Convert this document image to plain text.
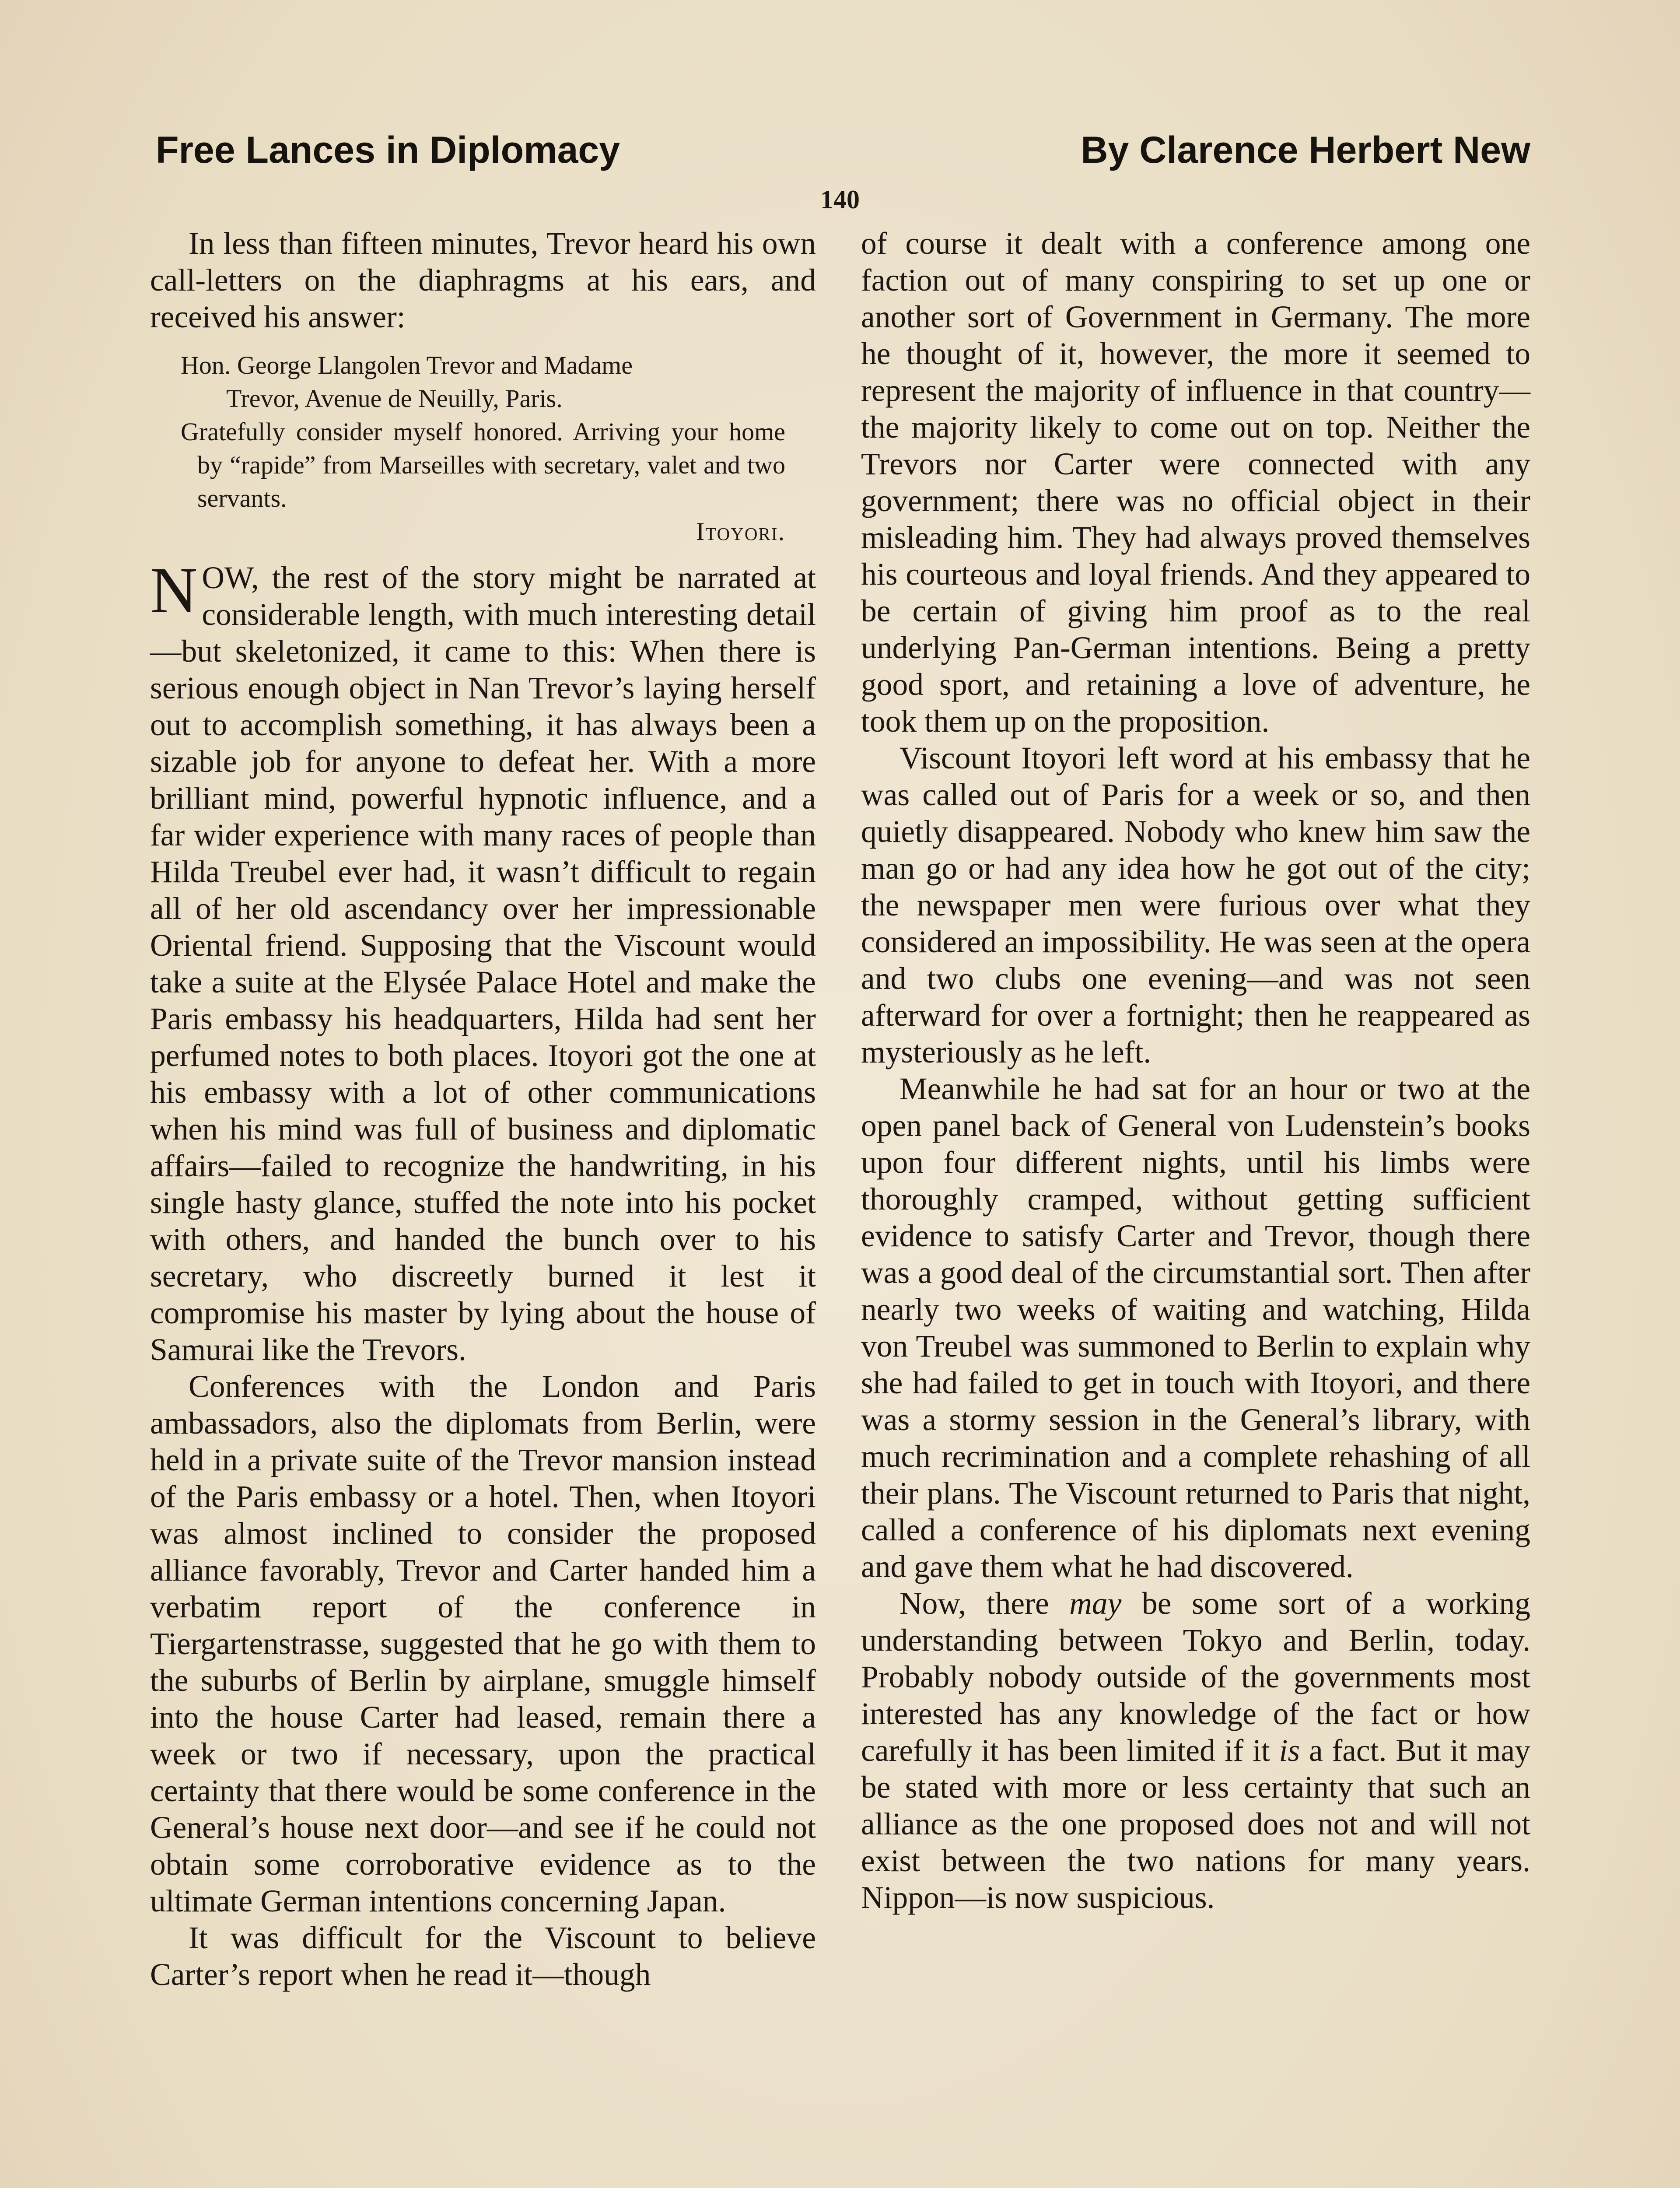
Free Lances in Diplomacy	By Clarence Herbert New
140

In less than fifteen minutes, Trevor heard his own call-letters on the diaphragms at his ears, and received his answer:

Hon. George Llangolen Trevor and Madame
Trevor, Avenue de Neuilly, Paris.
Gratefully consider myself honored. Arriving your home by “rapide” from Marseilles with secretary, valet and two servants.
Itoyori.

NOW, the rest of the story might be narrated at considerable length, with much interesting detail—but skeletonized, it came to this: When there is serious enough object in Nan Trevor’s laying herself out to accomplish something, it has always been a sizable job for anyone to defeat her. With a more brilliant mind, powerful hypnotic influence, and a far wider experience with many races of people than Hilda Treubel ever had, it wasn’t difficult to regain all of her old ascendancy over her impressionable Oriental friend. Supposing that the Viscount would take a suite at the Elysée Palace Hotel and make the Paris embassy his headquarters, Hilda had sent her perfumed notes to both places. Itoyori got the one at his embassy with a lot of other communications when his mind was full of business and diplomatic affairs—failed to recognize the handwriting, in his single hasty glance, stuffed the note into his pocket with others, and handed the bunch over to his secretary, who discreetly burned it lest it compromise his master by lying about the house of Samurai like the Trevors.

Conferences with the London and Paris ambassadors, also the diplomats from Berlin, were held in a private suite of the Trevor mansion instead of the Paris embassy or a hotel. Then, when Itoyori was almost inclined to consider the proposed alliance favorably, Trevor and Carter handed him a verbatim report of the conference in Tiergartenstrasse, suggested that he go with them to the suburbs of Berlin by airplane, smuggle himself into the house Carter had leased, remain there a week or two if necessary, upon the practical certainty that there would be some conference in the General’s house next door—and see if he could not obtain some corroborative evidence as to the ultimate German intentions concerning Japan.

It was difficult for the Viscount to believe Carter’s report when he read it—though

of course it dealt with a conference among one faction out of many conspiring to set up one or another sort of Government in Germany. The more he thought of it, however, the more it seemed to represent the majority of influence in that country—the majority likely to come out on top. Neither the Trevors nor Carter were connected with any government; there was no official object in their misleading him. They had always proved themselves his courteous and loyal friends. And they appeared to be certain of giving him proof as to the real underlying Pan-German intentions. Being a pretty good sport, and retaining a love of adventure, he took them up on the proposition.

Viscount Itoyori left word at his embassy that he was called out of Paris for a week or so, and then quietly disappeared. Nobody who knew him saw the man go or had any idea how he got out of the city; the newspaper men were furious over what they considered an impossibility. He was seen at the opera and two clubs one evening—and was not seen afterward for over a fortnight; then he reappeared as mysteriously as he left.

Meanwhile he had sat for an hour or two at the open panel back of General von Ludenstein’s books upon four different nights, until his limbs were thoroughly cramped, without getting sufficient evidence to satisfy Carter and Trevor, though there was a good deal of the circumstantial sort. Then after nearly two weeks of waiting and watching, Hilda von Treubel was summoned to Berlin to explain why she had failed to get in touch with Itoyori, and there was a stormy session in the General’s library, with much recrimination and a complete rehashing of all their plans. The Viscount returned to Paris that night, called a conference of his diplomats next evening and gave them what he had discovered.

Now, there may be some sort of a working understanding between Tokyo and Berlin, today. Probably nobody outside of the governments most interested has any knowledge of the fact or how carefully it has been limited if it is a fact. But it may be stated with more or less certainty that such an alliance as the one proposed does not and will not exist between the two nations for many years. Nippon—is now suspicious.
